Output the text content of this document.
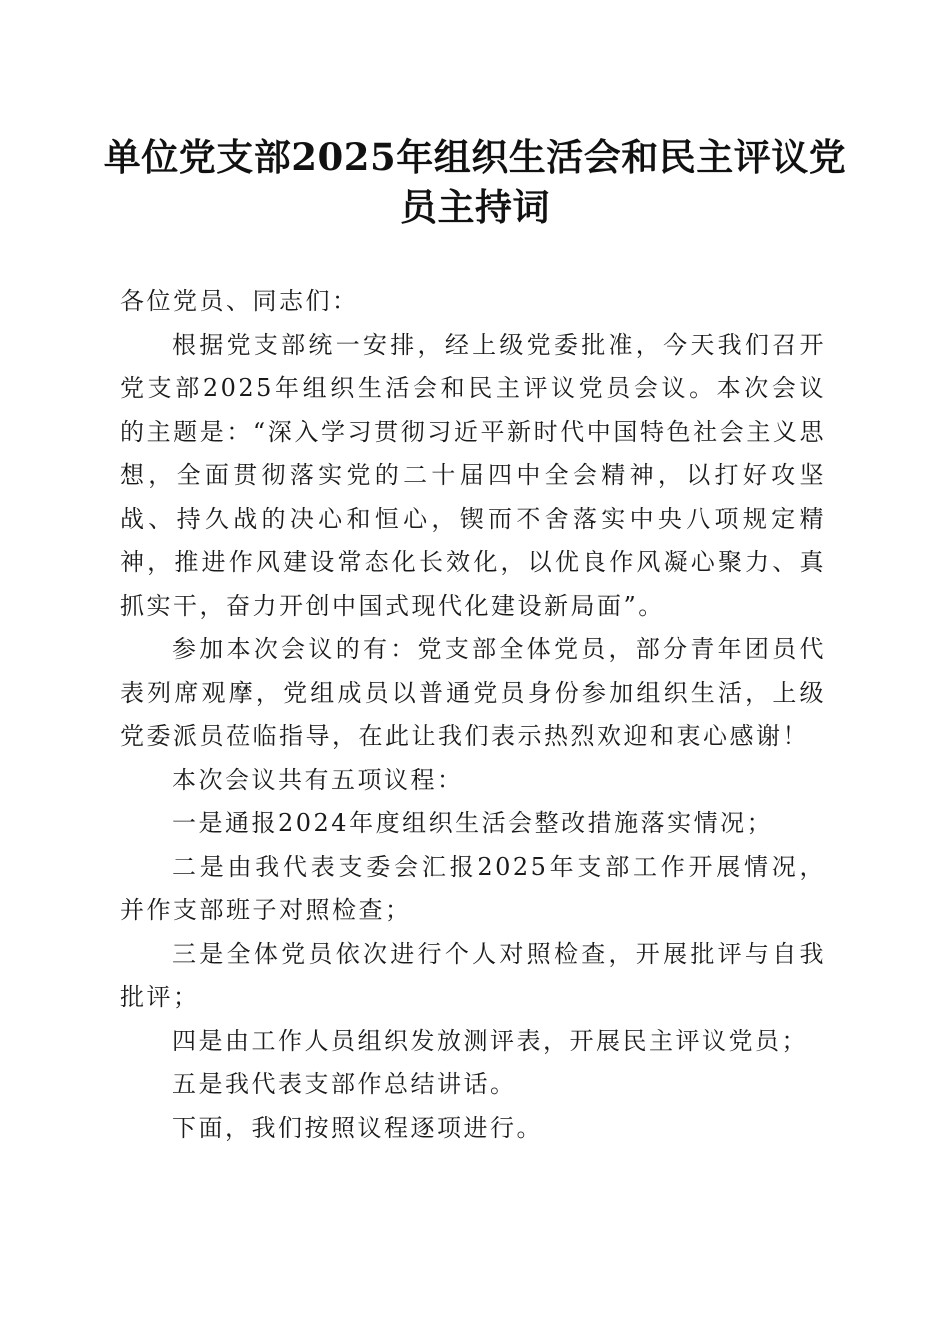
单位党支部2025年组织生活会和民主评议党员主持词

各位党员、同志们：

根据党支部统一安排，经上级党委批准，今天我们召开党支部2025年组织生活会和民主评议党员会议。本次会议的主题是：“深入学习贯彻习近平新时代中国特色社会主义思想，全面贯彻落实党的二十届四中全会精神，以打好攻坚战、持久战的决心和恒心，锲而不舍落实中央八项规定精神，推进作风建设常态化长效化，以优良作风凝心聚力、真抓实干，奋力开创中国式现代化建设新局面”。

参加本次会议的有：党支部全体党员，部分青年团员代表列席观摩，党组成员以普通党员身份参加组织生活，上级党委派员莅临指导，在此让我们表示热烈欢迎和衷心感谢！

本次会议共有五项议程：

一是通报2024年度组织生活会整改措施落实情况；

二是由我代表支委会汇报2025年支部工作开展情况，并作支部班子对照检查；

三是全体党员依次进行个人对照检查，开展批评与自我批评；

四是由工作人员组织发放测评表，开展民主评议党员；

五是我代表支部作总结讲话。

下面，我们按照议程逐项进行。
